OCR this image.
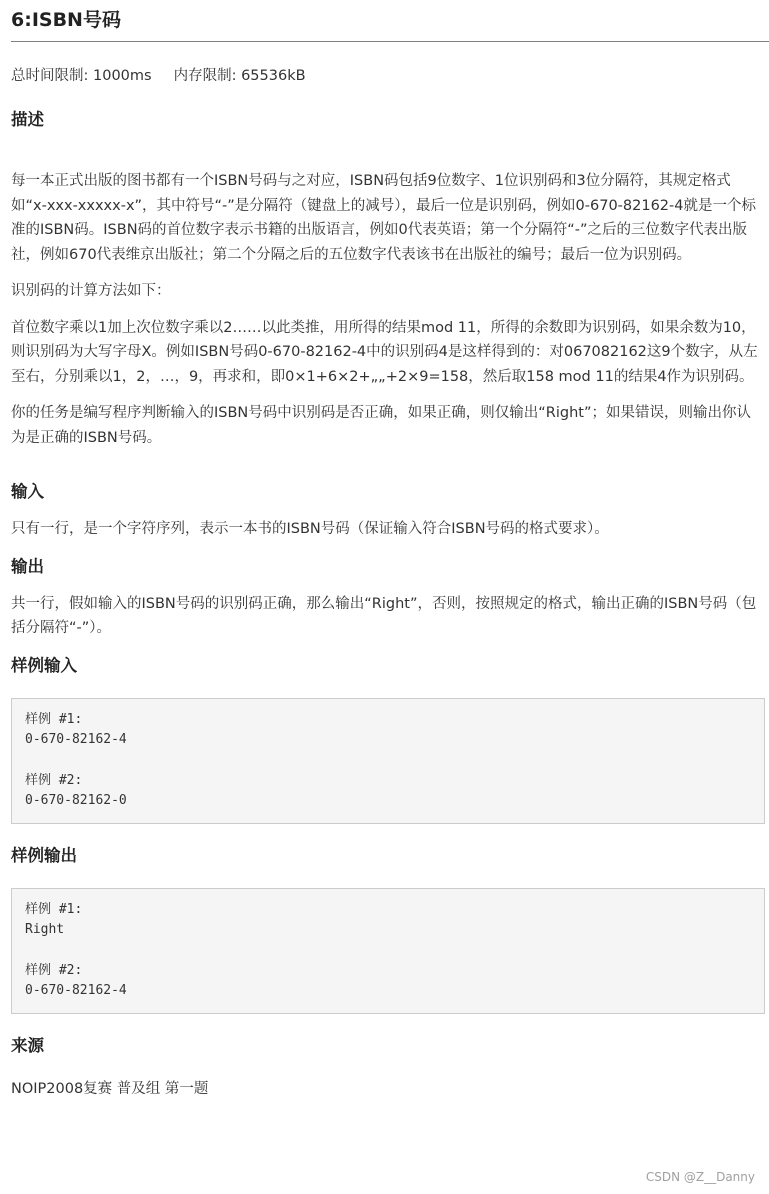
6:ISBN号码
总时间限制: 1000ms 内存限制: 65536kB
描述

每一本正式出版的图书都有一个ISBN号码与之对应，ISBN码包括9位数字、1位识别码和3位分隔符，其规定格式如“x-xxx-xxxxx-x”，其中符号“-”是分隔符（键盘上的减号），最后一位是识别码，例如0-670-82162-4就是一个标准的ISBN码。ISBN码的首位数字表示书籍的出版语言，例如0代表英语；第一个分隔符“-”之后的三位数字代表出版社，例如670代表维京出版社；第二个分隔之后的五位数字代表该书在出版社的编号；最后一位为识别码。

识别码的计算方法如下：

首位数字乘以1加上次位数字乘以2……以此类推，用所得的结果mod 11，所得的余数即为识别码，如果余数为10，则识别码为大写字母X。例如ISBN号码0-670-82162-4中的识别码4是这样得到的：对067082162这9个数字，从左至右，分别乘以1，2，…，9，再求和，即0×1+6×2+„„+2×9=158，然后取158 mod 11的结果4作为识别码。

你的任务是编写程序判断输入的ISBN号码中识别码是否正确，如果正确，则仅输出“Right”；如果错误，则输出你认为是正确的ISBN号码。

输入

只有一行，是一个字符序列，表示一本书的ISBN号码（保证输入符合ISBN号码的格式要求）。

输出

共一行，假如输入的ISBN号码的识别码正确，那么输出“Right”，否则，按照规定的格式，输出正确的ISBN号码（包括分隔符“-”）。

样例输入
样例 #1:
0-670-82162-4
样例 #2:
0-670-82162-0
样例输出
样例 #1:
Right
样例 #2:
0-670-82162-4
来源

NOIP2008复赛 普及组 第一题

CSDN @Z__Danny
